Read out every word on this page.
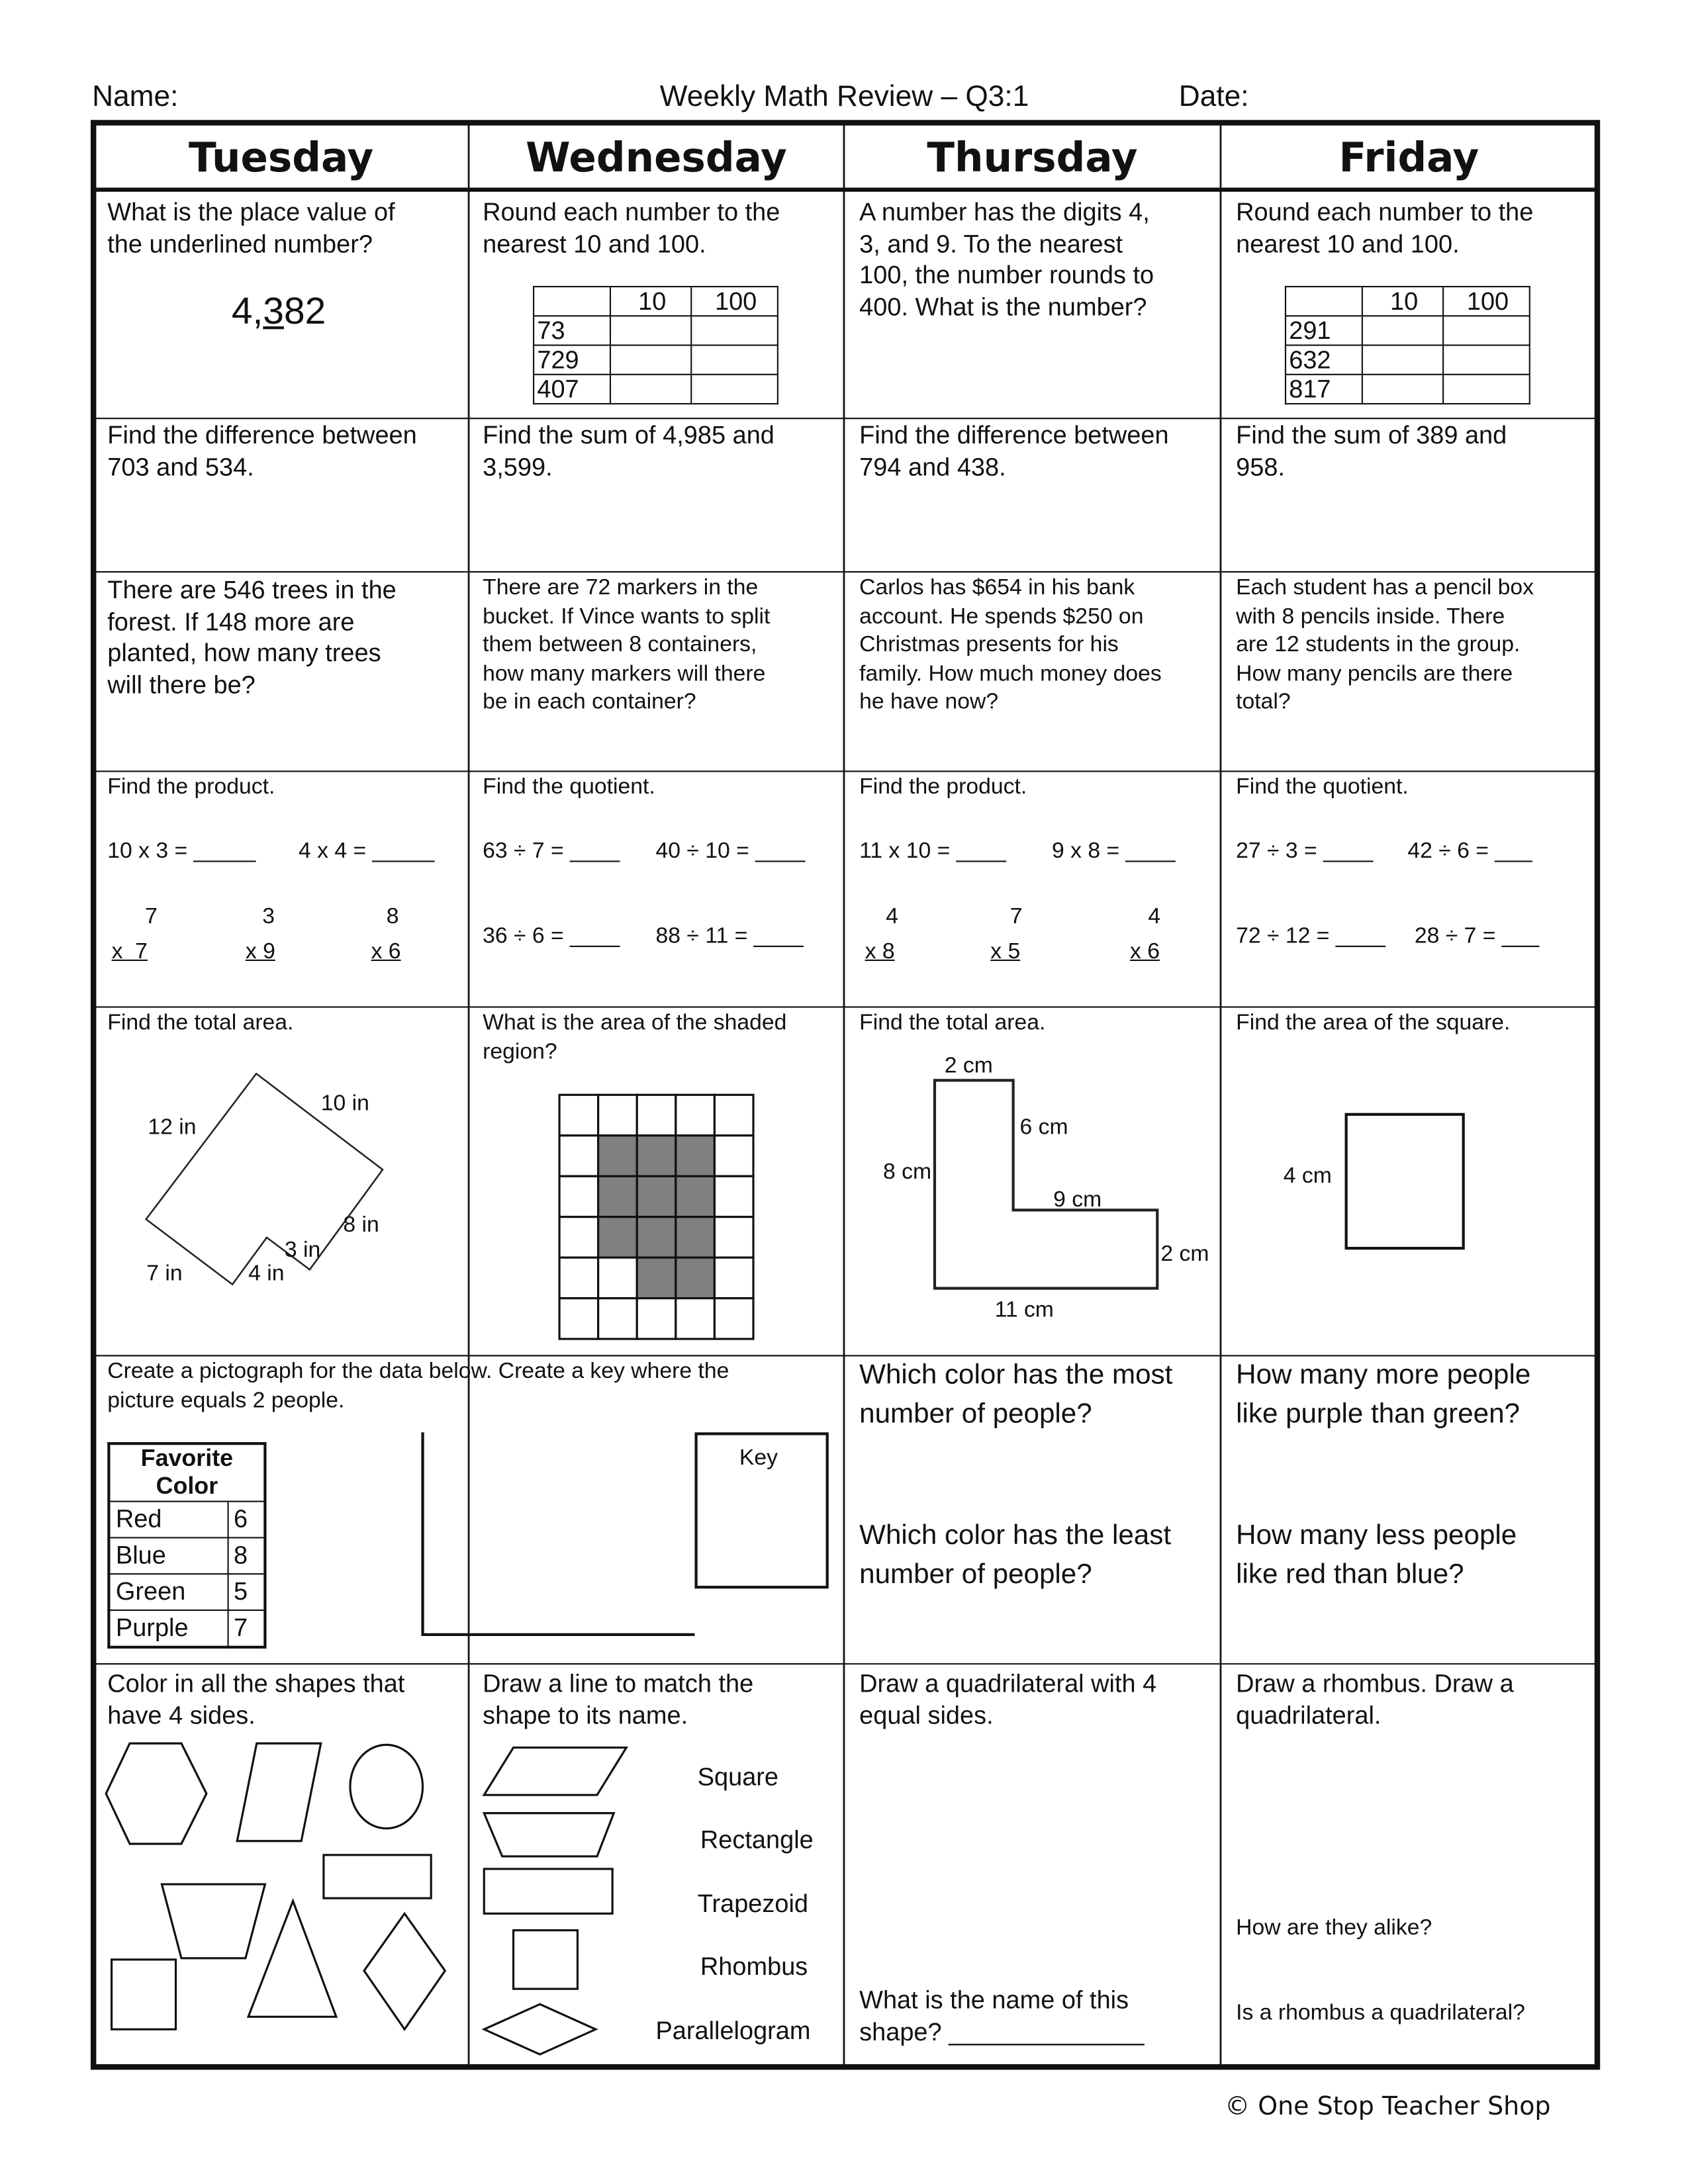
Name:	Weekly Math Review – Q3:1	Date:
Tuesday	Wednesday	Thursday	Friday
What is the place value of
the underlined number?
4,382
Round each number to the
nearest 10 and 100.
	10	100
73		
729		
407		
A number has the digits 4,
3, and 9. To the nearest
100, the number rounds to
400. What is the number?
Round each number to the
nearest 10 and 100.
	10	100
291		
632		
817		
Find the difference between
703 and 534.
Find the sum of 4,985 and
3,599.
Find the difference between
794 and 438.
Find the sum of 389 and
958.
There are 546 trees in the
forest. If 148 more are
planted, how many trees
will there be?
There are 72 markers in the
bucket. If Vince wants to split
them between 8 containers,
how many markers will there
be in each container?
Carlos has $654 in his bank
account. He spends $250 on
Christmas presents for his
family. How much money does
he have now?
Each student has a pencil box
with 8 pencils inside. There
are 12 students in the group.
How many pencils are there
total?
Find the product.
10 x 3 = _____	4 x 4 = _____
7
x  7
3
x 9
8
x 6
Find the quotient.
63 ÷ 7 = ____	40 ÷ 10 = ____
36 ÷ 6 = ____	88 ÷ 11 = ____
Find the product.
11 x 10 = ____	9 x 8 = ____
4
x 8
7
x 5
4
x 6
Find the quotient.
27 ÷ 3 = ____	42 ÷ 6 = ___
72 ÷ 12 = ____	28 ÷ 7 = ___
Find the total area.
12 in
10 in
8 in
3 in
7 in	4 in
What is the area of the shaded
region?
Find the total area.
2 cm
6 cm
8 cm
9 cm
2 cm
11 cm
Find the area of the square.
4 cm
Create a pictograph for the data below. Create a key where the
picture equals 2 people.
Favorite
Color	
Red	6
Blue	8
Green	5
Purple	7
Key
Which color has the most
number of people?
Which color has the least
number of people?
How many more people
like purple than green?
How many less people
like red than blue?
Color in all the shapes that
have 4 sides.
Draw a line to match the
shape to its name.
Square
Rectangle
Trapezoid
Rhombus
Parallelogram
Draw a quadrilateral with 4
equal sides.
What is the name of this
shape? ______________
Draw a rhombus. Draw a
quadrilateral.
How are they alike?
Is a rhombus a quadrilateral?
© One Stop Teacher Shop
